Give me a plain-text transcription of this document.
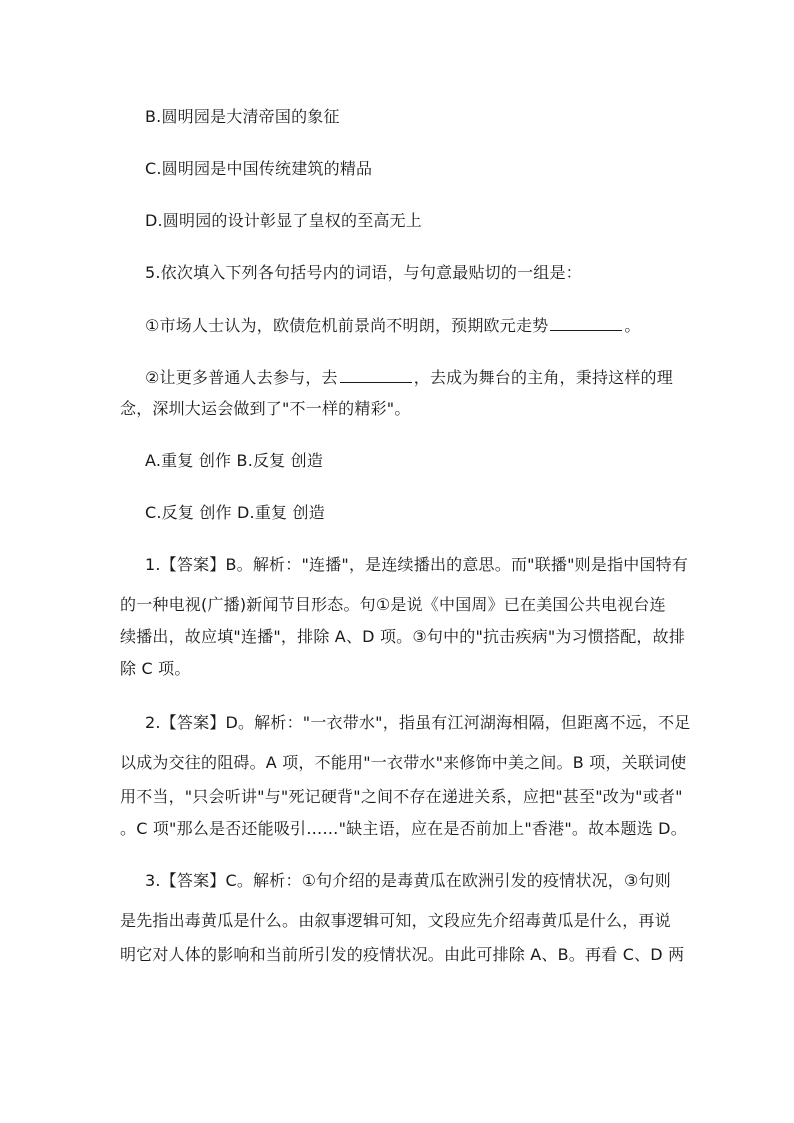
B.圆明园是大清帝国的象征
C.圆明园是中国传统建筑的精品
D.圆明园的设计彰显了皇权的至高无上
5.依次填入下列各句括号内的词语，与句意最贴切的一组是：
①市场人士认为，欧债危机前景尚不明朗，预期欧元走势	。
②让更多普通人去参与，去	，去成为舞台的主角，秉持这样的理
念，深圳大运会做到了"不一样的精彩"。
A.重复 创作 B.反复 创造
C.反复 创作 D.重复 创造
1.【答案】B。解析："连播"，是连续播出的意思。而"联播"则是指中国特有
的一种电视(广播)新闻节目形态。句①是说《中国周》已在美国公共电视台连
续播出，故应填"连播"，排除 A、D 项。③句中的"抗击疾病"为习惯搭配，故排
除 C 项。
2.【答案】D。解析："一衣带水"，指虽有江河湖海相隔，但距离不远，不足
以成为交往的阻碍。A 项，不能用"一衣带水"来修饰中美之间。B 项，关联词使
用不当，"只会听讲"与"死记硬背"之间不存在递进关系，应把"甚至"改为"或者"
。C 项"那么是否还能吸引……"缺主语，应在是否前加上"香港"。故本题选 D。
3.【答案】C。解析：①句介绍的是毒黄瓜在欧洲引发的疫情状况，③句则
是先指出毒黄瓜是什么。由叙事逻辑可知，文段应先介绍毒黄瓜是什么，再说
明它对人体的影响和当前所引发的疫情状况。由此可排除 A、B。再看 C、D 两
